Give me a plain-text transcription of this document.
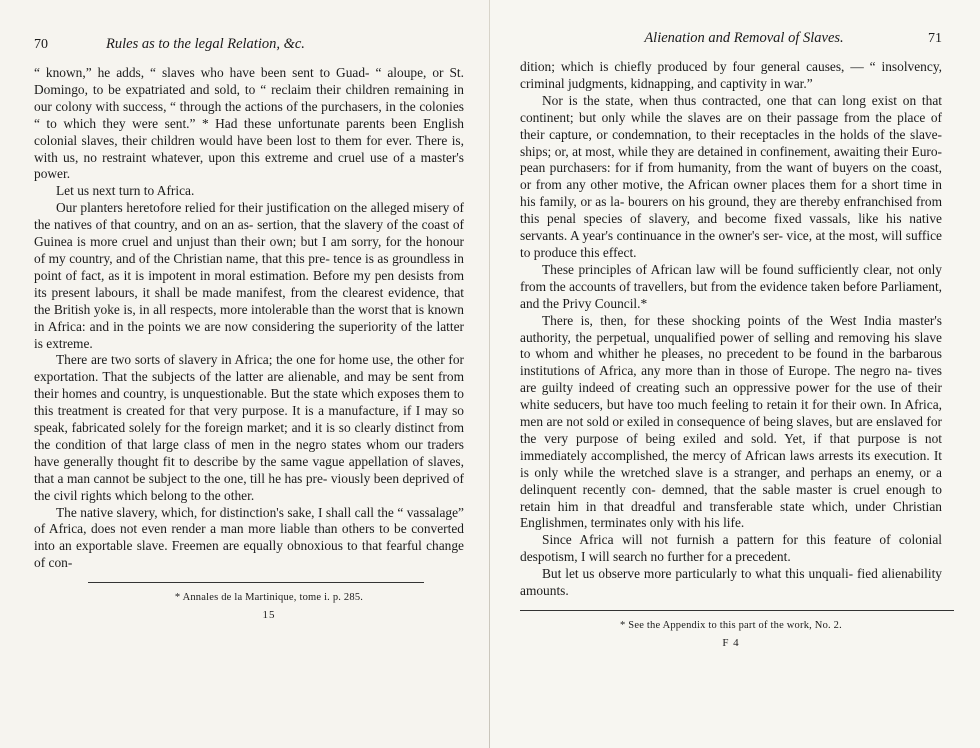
70	Rules as to the legal Relation, &c.

“ known,” he adds, “ slaves who have been sent to Guad- “ aloupe, or St. Domingo, to be expatriated and sold, to “ reclaim their children remaining in our colony with success, “ through the actions of the purchasers, in the colonies “ to which they were sent.” * Had these unfortunate parents been English colonial slaves, their children would have been lost to them for ever. There is, with us, no restraint whatever, upon this extreme and cruel use of a master's power.

Let us next turn to Africa.

Our planters heretofore relied for their justification on the alleged misery of the natives of that country, and on an as- sertion, that the slavery of the coast of Guinea is more cruel and unjust than their own; but I am sorry, for the honour of my country, and of the Christian name, that this pre- tence is as groundless in point of fact, as it is impotent in moral estimation. Before my pen desists from its present labours, it shall be made manifest, from the clearest evidence, that the British yoke is, in all respects, more intolerable than the worst that is known in Africa: and in the points we are now considering the superiority of the latter is extreme.

There are two sorts of slavery in Africa; the one for home use, the other for exportation. That the subjects of the latter are alienable, and may be sent from their homes and country, is unquestionable. But the state which exposes them to this treatment is created for that very purpose. It is a manufacture, if I may so speak, fabricated solely for the foreign market; and it is so clearly distinct from the condition of that large class of men in the negro states whom our traders have generally thought fit to describe by the same vague appellation of slaves, that a man cannot be subject to the one, till he has pre- viously been deprived of the civil rights which belong to the other.

The native slavery, which, for distinction's sake, I shall call the “ vassalage” of Africa, does not even render a man more liable than others to be converted into an exportable slave. Freemen are equally obnoxious to that fearful change of con-

* Annales de la Martinique, tome i. p. 285.
15
Alienation and Removal of Slaves.	71

dition; which is chiefly produced by four general causes, — “ insolvency, criminal judgments, kidnapping, and captivity in war.”

Nor is the state, when thus contracted, one that can long exist on that continent; but only while the slaves are on their passage from the place of their capture, or condemnation, to their receptacles in the holds of the slave-ships; or, at most, while they are detained in confinement, awaiting their Euro- pean purchasers: for if from humanity, from the want of buyers on the coast, or from any other motive, the African owner places them for a short time in his family, or as la- bourers on his ground, they are thereby enfranchised from this penal species of slavery, and become fixed vassals, like his native servants. A year's continuance in the owner's ser- vice, at the most, will suffice to produce this effect.

These principles of African law will be found sufficiently clear, not only from the accounts of travellers, but from the evidence taken before Parliament, and the Privy Council.*

There is, then, for these shocking points of the West India master's authority, the perpetual, unqualified power of selling and removing his slave to whom and whither he pleases, no precedent to be found in the barbarous institutions of Africa, any more than in those of Europe. The negro na- tives are guilty indeed of creating such an oppressive power for the use of their white seducers, but have too much feeling to retain it for their own. In Africa, men are not sold or exiled in consequence of being slaves, but are enslaved for the very purpose of being exiled and sold. Yet, if that purpose is not immediately accomplished, the mercy of African laws arrests its execution. It is only while the wretched slave is a stranger, and perhaps an enemy, or a delinquent recently con- demned, that the sable master is cruel enough to retain him in that dreadful and transferable state which, under Christian Englishmen, terminates only with his life.

Since Africa will not furnish a pattern for this feature of colonial despotism, I will search no further for a precedent.

But let us observe more particularly to what this unquali- fied alienability amounts.

* See the Appendix to this part of the work, No. 2.
F 4
